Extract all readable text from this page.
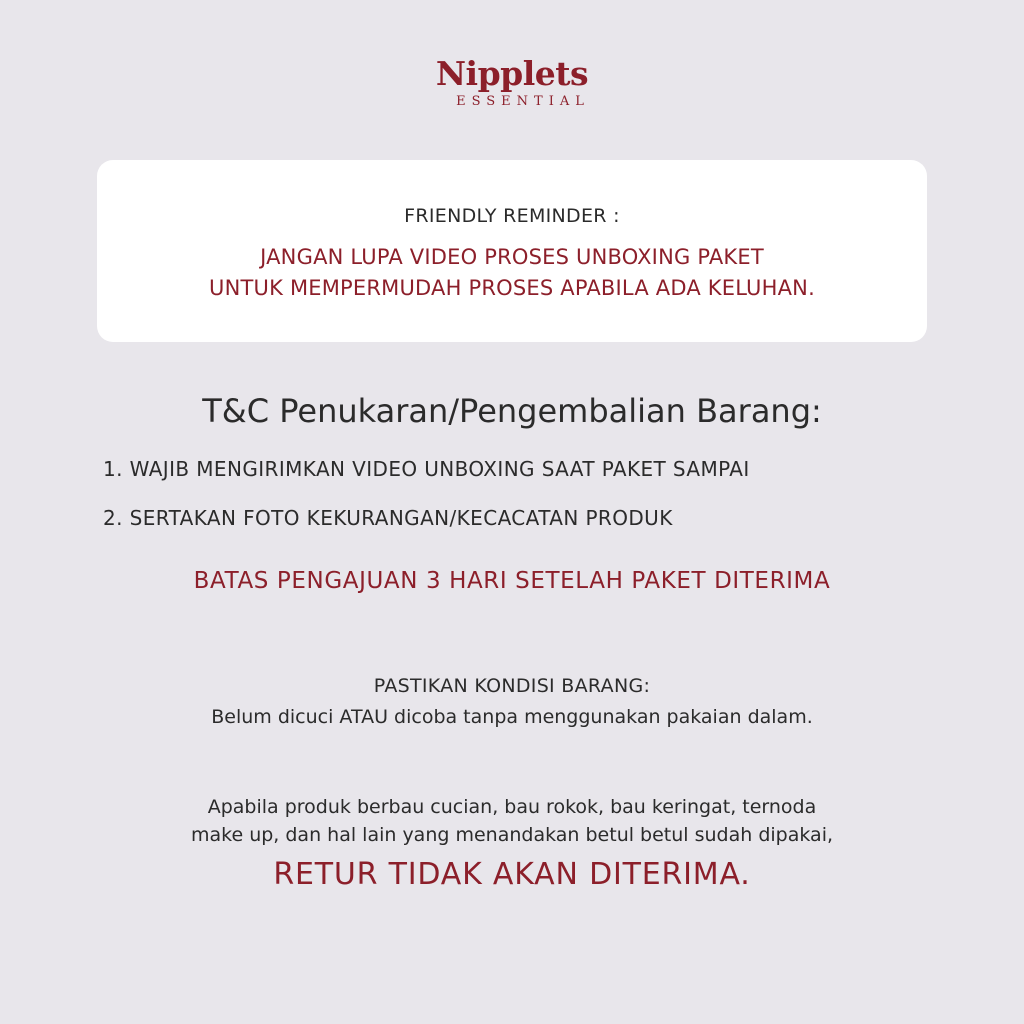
Nipplets
ESSENTIAL
FRIENDLY REMINDER :
JANGAN LUPA VIDEO PROSES UNBOXING PAKET
UNTUK MEMPERMUDAH PROSES APABILA ADA KELUHAN.
T&C Penukaran/Pengembalian Barang:
1. WAJIB MENGIRIMKAN VIDEO UNBOXING SAAT PAKET SAMPAI
2. SERTAKAN FOTO KEKURANGAN/KECACATAN PRODUK
BATAS PENGAJUAN 3 HARI SETELAH PAKET DITERIMA
PASTIKAN KONDISI BARANG:
Belum dicuci ATAU dicoba tanpa menggunakan pakaian dalam.
Apabila produk berbau cucian, bau rokok, bau keringat, ternoda
make up, dan hal lain yang menandakan betul betul sudah dipakai,
RETUR TIDAK AKAN DITERIMA.
